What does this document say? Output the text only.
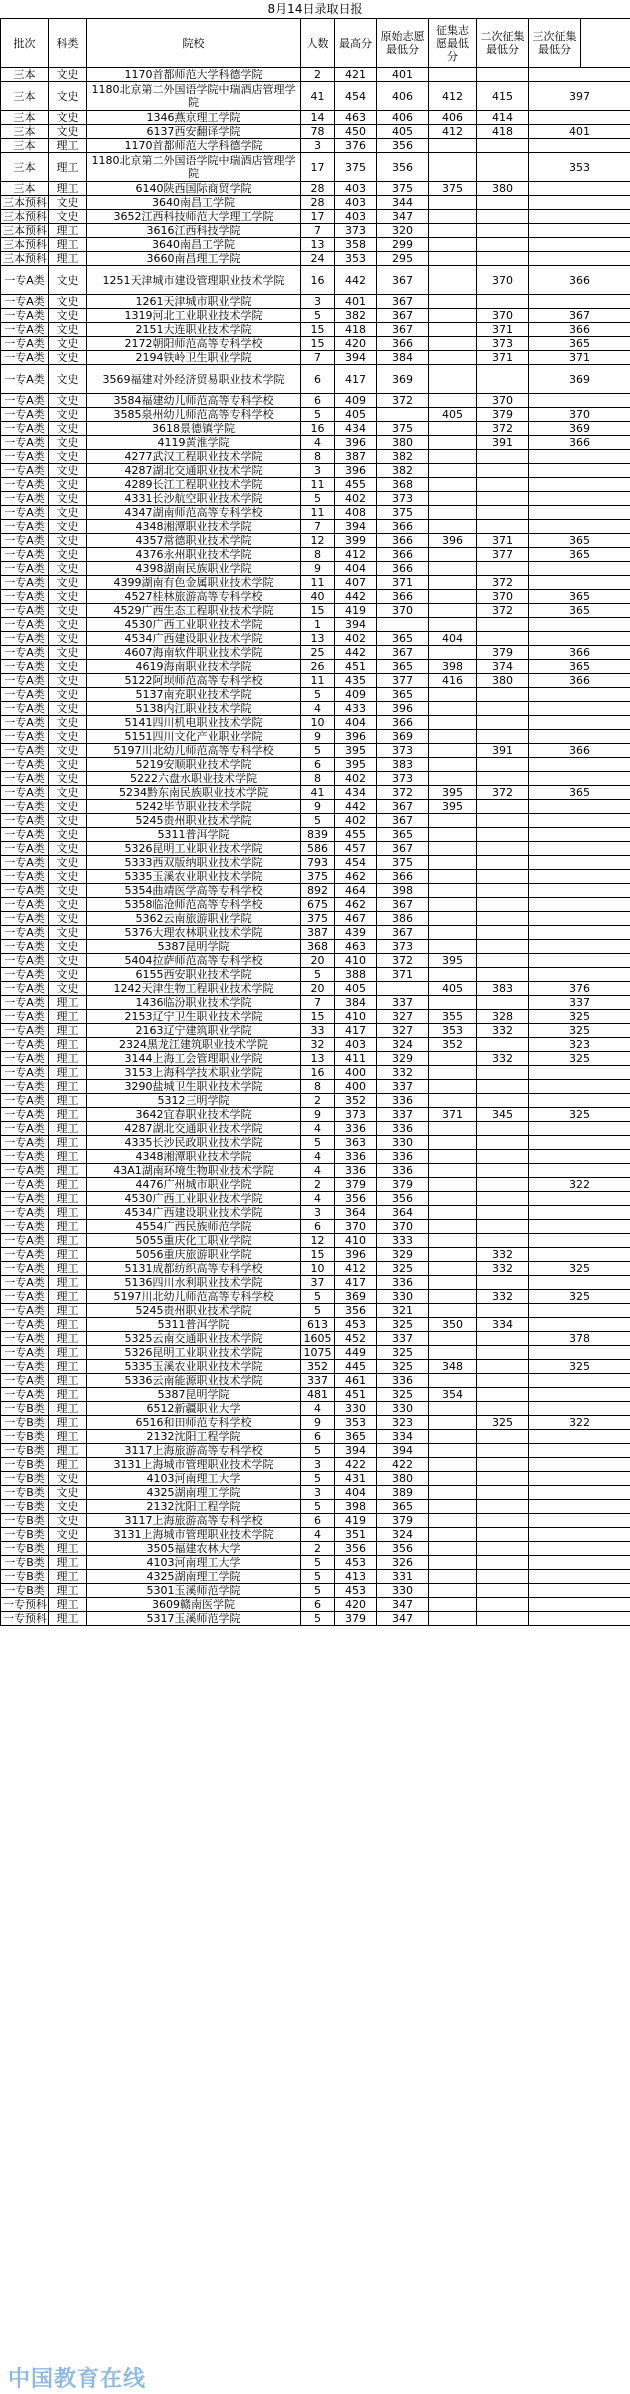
8月14日录取日报
批次	科类	院校	人数	最高分	原始志愿最低分	征集志愿最低分	二次征集最低分	三次征集最低分	
三本	文史	1170首都师范大学科德学院	2	421	401				
三本	文史	1180北京第二外国语学院中瑞酒店管理学院	41	454	406	412	415	397	
三本	文史	1346燕京理工学院	14	463	406	406	414		
三本	文史	6137西安翻译学院	78	450	405	412	418	401	
三本	理工	1170首都师范大学科德学院	3	376	356				
三本	理工	1180北京第二外国语学院中瑞酒店管理学院	17	375	356			353	
三本	理工	6140陕西国际商贸学院	28	403	375	375	380		
三本预科	文史	3640南昌工学院	28	403	344				
三本预科	文史	3652江西科技师范大学理工学院	17	403	347				
三本预科	理工	3616江西科技学院	7	373	320				
三本预科	理工	3640南昌工学院	13	358	299				
三本预科	理工	3660南昌理工学院	24	353	295				
一专A类	文史	1251天津城市建设管理职业技术学院	16	442	367		370	366	
一专A类	文史	1261天津城市职业学院	3	401	367				
一专A类	文史	1319河北工业职业技术学院	5	382	367		370	367	
一专A类	文史	2151大连职业技术学院	15	418	367		371	366	
一专A类	文史	2172朝阳师范高等专科学校	15	420	366		373	365	
一专A类	文史	2194铁岭卫生职业学院	7	394	384		371	371	
一专A类	文史	3569福建对外经济贸易职业技术学院	6	417	369			369	
一专A类	文史	3584福建幼儿师范高等专科学校	6	409	372		370		
一专A类	文史	3585泉州幼儿师范高等专科学校	5	405		405	379	370	
一专A类	文史	3618景德镇学院	16	434	375		372	369	
一专A类	文史	4119黄淮学院	4	396	380		391	366	
一专A类	文史	4277武汉工程职业技术学院	8	387	382				
一专A类	文史	4287湖北交通职业技术学院	3	396	382				
一专A类	文史	4289长江工程职业技术学院	11	455	368				
一专A类	文史	4331长沙航空职业技术学院	5	402	373				
一专A类	文史	4347湖南师范高等专科学校	11	408	375				
一专A类	文史	4348湘潭职业技术学院	7	394	366				
一专A类	文史	4357常德职业技术学院	12	399	366	396	371	365	
一专A类	文史	4376永州职业技术学院	8	412	366		377	365	
一专A类	文史	4398湖南民族职业学院	9	404	366				
一专A类	文史	4399湖南有色金属职业技术学院	11	407	371		372		
一专A类	文史	4527桂林旅游高等专科学校	40	442	366		370	365	
一专A类	文史	4529广西生态工程职业技术学院	15	419	370		372	365	
一专A类	文史	4530广西工业职业技术学院	1	394					
一专A类	文史	4534广西建设职业技术学院	13	402	365	404			
一专A类	文史	4607海南软件职业技术学院	25	442	367		379	366	
一专A类	文史	4619海南职业技术学院	26	451	365	398	374	365	
一专A类	文史	5122阿坝师范高等专科学校	11	435	377	416	380	366	
一专A类	文史	5137南充职业技术学院	5	409	365				
一专A类	文史	5138内江职业技术学院	4	433	396				
一专A类	文史	5141四川机电职业技术学院	10	404	366				
一专A类	文史	5151四川文化产业职业学院	9	396	369				
一专A类	文史	5197川北幼儿师范高等专科学校	5	395	373		391	366	
一专A类	文史	5219安顺职业技术学院	6	395	383				
一专A类	文史	5222六盘水职业技术学院	8	402	373				
一专A类	文史	5234黔东南民族职业技术学院	41	434	372	395	372	365	
一专A类	文史	5242毕节职业技术学院	9	442	367	395			
一专A类	文史	5245贵州职业技术学院	5	402	367				
一专A类	文史	5311普洱学院	839	455	365				
一专A类	文史	5326昆明工业职业技术学院	586	457	367				
一专A类	文史	5333西双版纳职业技术学院	793	454	375				
一专A类	文史	5335玉溪农业职业技术学院	375	462	366				
一专A类	文史	5354曲靖医学高等专科学校	892	464	398				
一专A类	文史	5358临沧师范高等专科学校	675	462	367				
一专A类	文史	5362云南旅游职业学院	375	467	386				
一专A类	文史	5376大理农林职业技术学院	387	439	367				
一专A类	文史	5387昆明学院	368	463	373				
一专A类	文史	5404拉萨师范高等专科学校	20	410	372	395			
一专A类	文史	6155西安职业技术学院	5	388	371				
一专A类	文史	1242天津生物工程职业技术学院	20	405		405	383	376	
一专A类	理工	1436临汾职业技术学院	7	384	337			337	
一专A类	理工	2153辽宁卫生职业技术学院	15	410	327	355	328	325	
一专A类	理工	2163辽宁建筑职业学院	33	417	327	353	332	325	
一专A类	理工	2324黑龙江建筑职业技术学院	32	403	324	352		323	
一专A类	理工	3144上海工会管理职业学院	13	411	329		332	325	
一专A类	理工	3153上海科学技术职业学院	16	400	332				
一专A类	理工	3290盐城卫生职业技术学院	8	400	337				
一专A类	理工	5312三明学院	2	352	336				
一专A类	理工	3642宜春职业技术学院	9	373	337	371	345	325	
一专A类	理工	4287湖北交通职业技术学院	4	336	336				
一专A类	理工	4335长沙民政职业技术学院	5	363	330				
一专A类	理工	4348湘潭职业技术学院	4	336	336				
一专A类	理工	43A1湖南环境生物职业技术学院	4	336	336				
一专A类	理工	4476广州城市职业学院	2	379	379			322	
一专A类	理工	4530广西工业职业技术学院	4	356	356				
一专A类	理工	4534广西建设职业技术学院	3	364	364				
一专A类	理工	4554广西民族师范学院	6	370	370				
一专A类	理工	5055重庆化工职业学院	12	410	333				
一专A类	理工	5056重庆旅游职业学院	15	396	329		332		
一专A类	理工	5131成都纺织高等专科学校	10	412	325		332	325	
一专A类	理工	5136四川水利职业技术学院	37	417	336				
一专A类	理工	5197川北幼儿师范高等专科学校	5	369	330		332	325	
一专A类	理工	5245贵州职业技术学院	5	356	321				
一专A类	理工	5311普洱学院	613	453	325	350	334		
一专A类	理工	5325云南交通职业技术学院	1605	452	337			378	
一专A类	理工	5326昆明工业职业技术学院	1075	449	325				
一专A类	理工	5335玉溪农业职业技术学院	352	445	325	348		325	
一专A类	理工	5336云南能源职业技术学院	337	461	336				
一专A类	理工	5387昆明学院	481	451	325	354			
一专B类	理工	6512新疆职业大学	4	330	330				
一专B类	理工	6516和田师范专科学校	9	353	323		325	322	
一专B类	理工	2132沈阳工程学院	6	365	334				
一专B类	理工	3117上海旅游高等专科学校	5	394	394				
一专B类	理工	3131上海城市管理职业技术学院	3	422	422				
一专B类	文史	4103河南理工大学	5	431	380				
一专B类	文史	4325湖南理工学院	3	404	389				
一专B类	文史	2132沈阳工程学院	5	398	365				
一专B类	文史	3117上海旅游高等专科学校	6	419	379				
一专B类	文史	3131上海城市管理职业技术学院	4	351	324				
一专B类	理工	3505福建农林大学	2	356	356				
一专B类	理工	4103河南理工大学	5	453	326				
一专B类	理工	4325湖南理工学院	5	413	331				
一专B类	理工	5301玉溪师范学院	5	453	330				
一专预科	理工	3609赣南医学院	6	420	347				
一专预科	理工	5317玉溪师范学院	5	379	347				
中国教育在线
